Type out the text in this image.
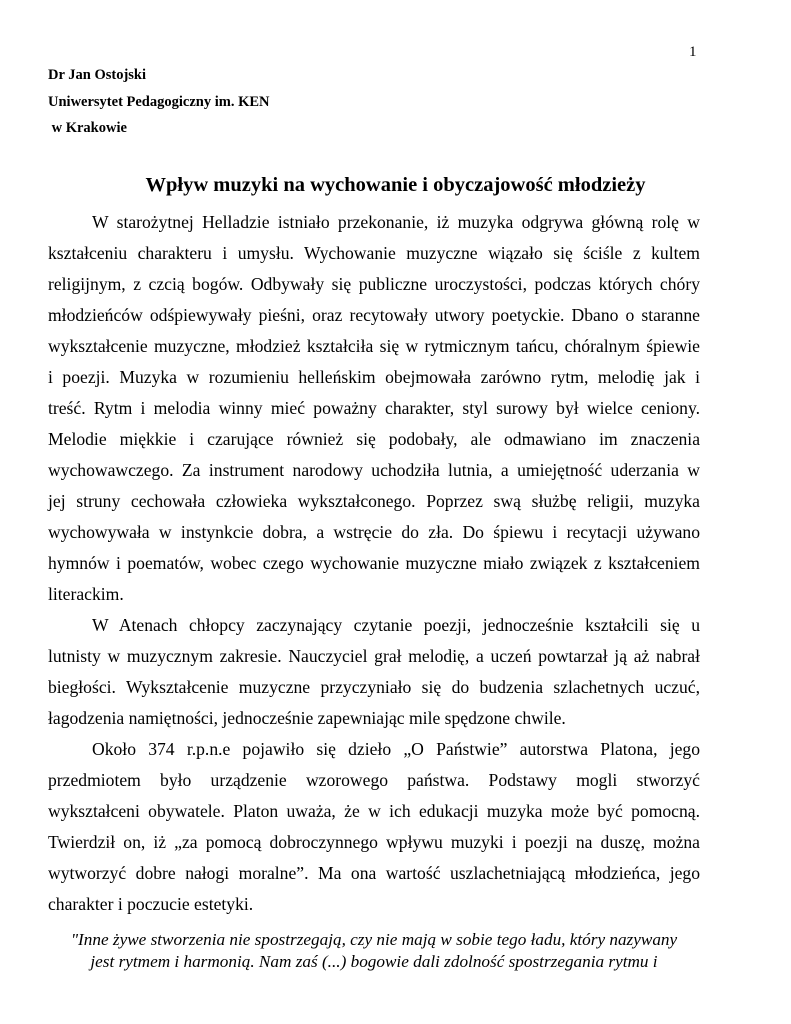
1
Dr Jan Ostojski
Uniwersytet Pedagogiczny im. KEN
w Krakowie
Wpływ muzyki na wychowanie i obyczajowość młodzieży
W starożytnej Helladzie istniało przekonanie, iż muzyka odgrywa główną rolę w
kształceniu charakteru i umysłu. Wychowanie muzyczne wiązało się ściśle z kultem
religijnym, z czcią bogów. Odbywały się publiczne uroczystości, podczas których chóry
młodzieńców odśpiewywały pieśni, oraz recytowały utwory poetyckie. Dbano o staranne
wykształcenie muzyczne, młodzież kształciła się w rytmicznym tańcu, chóralnym śpiewie
i poezji. Muzyka w rozumieniu helleńskim obejmowała zarówno rytm, melodię jak i
treść. Rytm i melodia winny mieć poważny charakter, styl surowy był wielce ceniony.
Melodie miękkie i czarujące również się podobały, ale odmawiano im znaczenia
wychowawczego. Za instrument narodowy uchodziła lutnia, a umiejętność uderzania w
jej struny cechowała człowieka wykształconego. Poprzez swą służbę religii, muzyka
wychowywała w instynkcie dobra, a wstręcie do zła. Do śpiewu i recytacji używano
hymnów i poematów, wobec czego wychowanie muzyczne miało związek z kształceniem
literackim.
W Atenach chłopcy zaczynający czytanie poezji, jednocześnie kształcili się u
lutnisty w muzycznym zakresie. Nauczyciel grał melodię, a uczeń powtarzał ją aż nabrał
biegłości. Wykształcenie muzyczne przyczyniało się do budzenia szlachetnych uczuć,
łagodzenia namiętności, jednocześnie zapewniając mile spędzone chwile.
Około 374 r.p.n.e pojawiło się dzieło „O Państwie” autorstwa Platona, jego
przedmiotem było urządzenie wzorowego państwa. Podstawy mogli stworzyć
wykształceni obywatele. Platon uważa, że w ich edukacji muzyka może być pomocną.
Twierdził on, iż „za pomocą dobroczynnego wpływu muzyki i poezji na duszę, można
wytworzyć dobre nałogi moralne”. Ma ona wartość uszlachetniającą młodzieńca, jego
charakter i poczucie estetyki.
"Inne żywe stworzenia nie spostrzegają, czy nie mają w sobie tego ładu, który nazywany
jest rytmem i harmonią. Nam zaś (...) bogowie dali zdolność spostrzegania rytmu i
